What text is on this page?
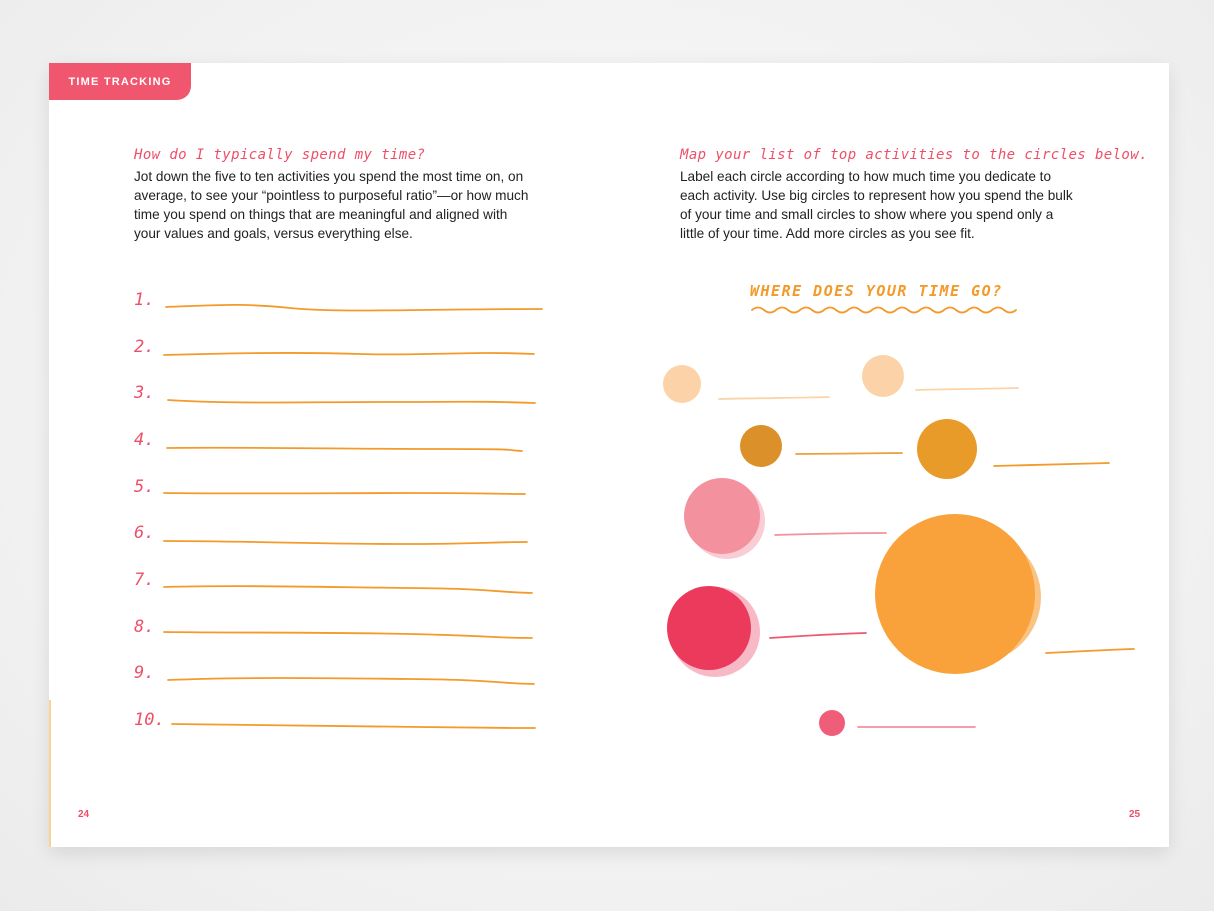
TIME TRACKING
How do I typically spend my time?
Jot down the five to ten activities you spend the most time on, on average, to see your “pointless to purposeful ratio”—or how much time you spend on things that are meaningful and aligned with your values and goals, versus everything else.
1.
2.
3.
4.
5.
6.
7.
8.
9.
10.
24
Map your list of top activities to the circles below.
Label each circle according to how much time you dedicate to each activity. Use big circles to represent how you spend the bulk of your time and small circles to show where you spend only a little of your time. Add more circles as you see fit.
WHERE DOES YOUR TIME GO?
25
